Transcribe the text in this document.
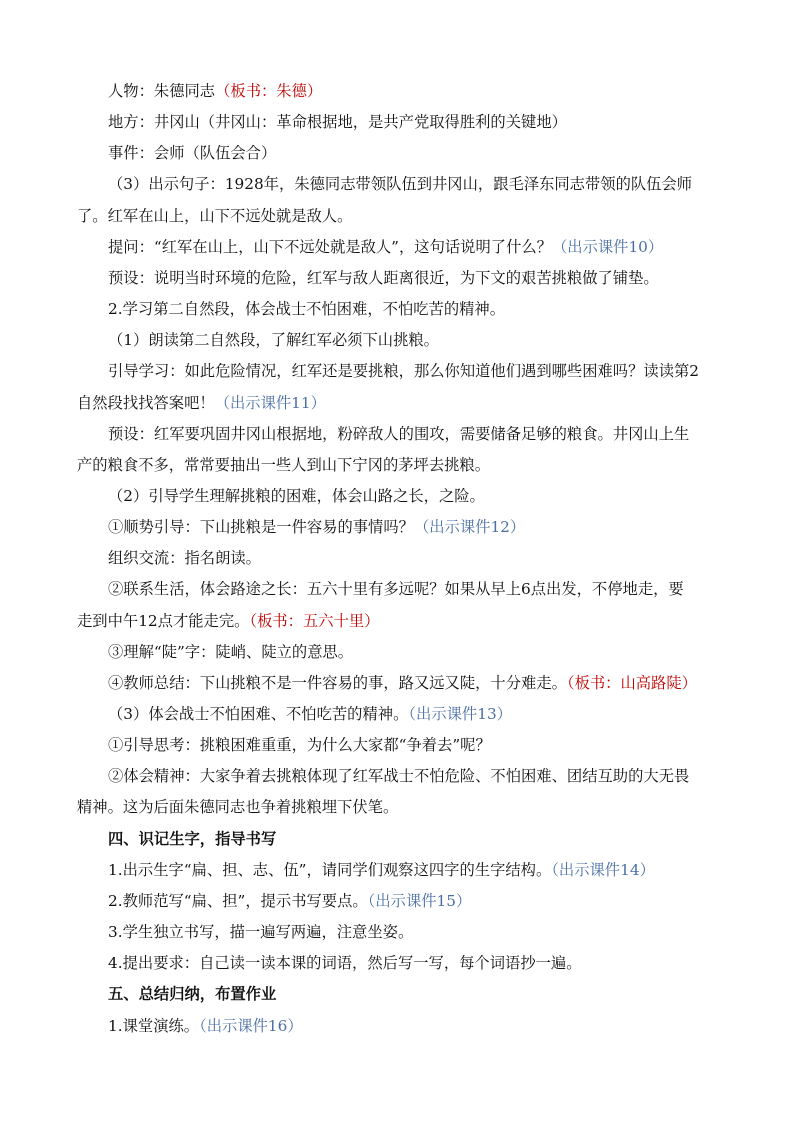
人物：朱德同志（板书：朱德）
地方：井冈山（井冈山：革命根据地，是共产党取得胜利的关键地）
事件：会师（队伍会合）
（3）出示句子：1928年，朱德同志带领队伍到井冈山，跟毛泽东同志带领的队伍会师
了。红军在山上，山下不远处就是敌人。
提问：“红军在山上，山下不远处就是敌人”，这句话说明了什么？（出示课件10）
预设：说明当时环境的危险，红军与敌人距离很近，为下文的艰苦挑粮做了铺垫。
2.学习第二自然段，体会战士不怕困难，不怕吃苦的精神。
（1）朗读第二自然段，了解红军必须下山挑粮。
引导学习：如此危险情况，红军还是要挑粮，那么你知道他们遇到哪些困难吗？读读第2
自然段找找答案吧！（出示课件11）
预设：红军要巩固井冈山根据地，粉碎敌人的围攻，需要储备足够的粮食。井冈山上生
产的粮食不多，常常要抽出一些人到山下宁冈的茅坪去挑粮。
（2）引导学生理解挑粮的困难，体会山路之长，之险。
①顺势引导：下山挑粮是一件容易的事情吗？（出示课件12）
组织交流：指名朗读。
②联系生活，体会路途之长：五六十里有多远呢？如果从早上6点出发，不停地走，要
走到中午12点才能走完。（板书：五六十里）
③理解“陡”字：陡峭、陡立的意思。
④教师总结：下山挑粮不是一件容易的事，路又远又陡，十分难走。（板书：山高路陡）
（3）体会战士不怕困难、不怕吃苦的精神。（出示课件13）
①引导思考：挑粮困难重重，为什么大家都“争着去”呢？
②体会精神：大家争着去挑粮体现了红军战士不怕危险、不怕困难、团结互助的大无畏
精神。这为后面朱德同志也争着挑粮埋下伏笔。
四、识记生字，指导书写
1.出示生字“扁、担、志、伍”，请同学们观察这四字的生字结构。（出示课件14）
2.教师范写“扁、担”，提示书写要点。（出示课件15）
3.学生独立书写，描一遍写两遍，注意坐姿。
4.提出要求：自己读一读本课的词语，然后写一写，每个词语抄一遍。
五、总结归纳，布置作业
1.课堂演练。（出示课件16）
